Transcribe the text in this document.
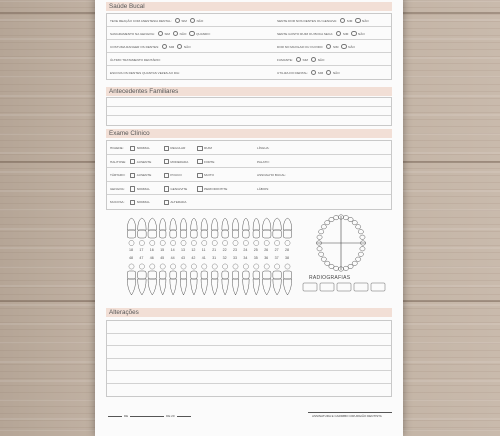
Saúde Bucal
TEVE REAÇÃO COM ANESTESIA DENTAL:	SIM	NÃO	SENTE DOR NOS DENTES OU GENGIVA:	SIM	NÃO
SANGRAMENTO NA GENGIVA:	SIM	NÃO	QUANDO:	SENTE GOSTO RUIM OU BOCA SECA:	SIM	NÃO
COSTUMA RANGER OS DENTES:	SIM	NÃO	DOR NO MAXILAR OU OUVIDO:	SIM	NÃO
ÚLTIMO TRATAMENTO DENTÁRIO:	FUMANTE:	SIM	NÃO
ESCOVA OS DENTES QUANTAS VEZES AO DIA:	UTILIZA FIO DENTAL:	SIM	NÃO
Antecedentes Familiares
Exame Clínico
HIGIENE:	NORMAL	REGULAR	RUIM	LÍNGUA:
HALITOSE:	AUSENTE	MODERADA	FORTE	PALATO:
TÁRTARO:	AUSENTE	POUCO	MUITO	ASSOALHO BUCAL:
GENGIVA:	NORMAL	GENGIVITE	PERIODONTITE	LÁBIOS:
MUCOSA:	NORMAL	ALTERADA
18 17 16 15 14 13 12 11 21 22 23 24 25 26 27 28
48 47 46 45 44 43 42 41 31 32 33 34 35 36 37 38
RADIOGRAFIAS
Alterações
DE	DE 20	ASSINATURA E CARIMBO CIRURGIÃO DENTISTA
